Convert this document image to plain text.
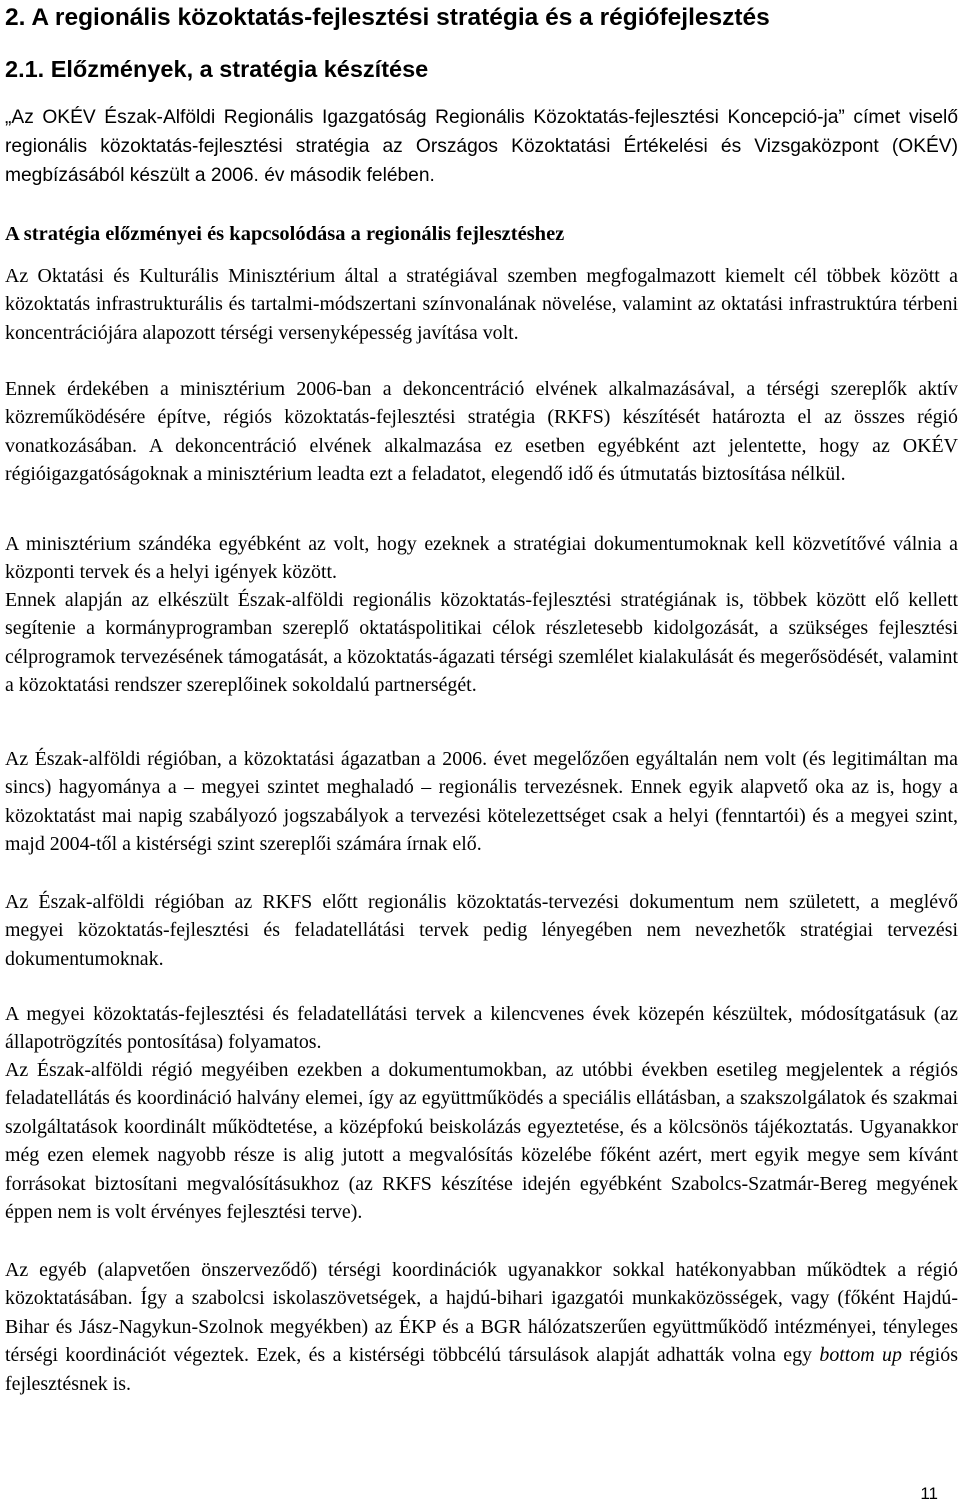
2. A regionális közoktatás-fejlesztési stratégia és a régiófejlesztés
2.1. Előzmények, a stratégia készítése

„Az OKÉV Észak-Alföldi Regionális Igazgatóság Regionális Közoktatás-fejlesztési Koncepció-ja” címet viselő regionális közoktatás-fejlesztési stratégia az Országos Közoktatási Értékelési és Vizsgaközpont (OKÉV) megbízásából készült a 2006. év második felében.

A stratégia előzményei és kapcsolódása a regionális fejlesztéshez

Az Oktatási és Kulturális Minisztérium által a stratégiával szemben megfogalmazott kiemelt cél többek között a közoktatás infrastrukturális és tartalmi-módszertani színvonalának növelése, valamint az oktatási infrastruktúra térbeni koncentrációjára alapozott térségi versenyképesség javítása volt.

Ennek érdekében a minisztérium 2006-ban a dekoncentráció elvének alkalmazásával, a térségi szereplők aktív közreműködésére építve, régiós közoktatás-fejlesztési stratégia (RKFS) készítését határozta el az összes régió vonatkozásában. A dekoncentráció elvének alkalmazása ez esetben egyébként azt jelentette, hogy az OKÉV régióigazgatóságoknak a minisztérium leadta ezt a feladatot, elegendő idő és útmutatás biztosítása nélkül.

A minisztérium szándéka egyébként az volt, hogy ezeknek a stratégiai dokumentumoknak kell közvetítővé válnia a központi tervek és a helyi igények között.

Ennek alapján az elkészült Észak-alföldi regionális közoktatás-fejlesztési stratégiának is, többek között elő kellett segítenie a kormányprogramban szereplő oktatáspolitikai célok részletesebb kidolgozását, a szükséges fejlesztési célprogramok tervezésének támogatását, a közoktatás-ágazati térségi szemlélet kialakulását és megerősödését, valamint a közoktatási rendszer szereplőinek sokoldalú partnerségét.

Az Észak-alföldi régióban, a közoktatási ágazatban a 2006. évet megelőzően egyáltalán nem volt (és legitimáltan ma sincs) hagyománya a – megyei szintet meghaladó – regionális tervezésnek. Ennek egyik alapvető oka az is, hogy a közoktatást mai napig szabályozó jogszabályok a tervezési kötelezettséget csak a helyi (fenntartói) és a megyei szint, majd 2004-től a kistérségi szint szereplői számára írnak elő.

Az Észak-alföldi régióban az RKFS előtt regionális közoktatás-tervezési dokumentum nem született, a meglévő megyei közoktatás-fejlesztési és feladatellátási tervek pedig lényegében nem nevezhetők stratégiai tervezési dokumentumoknak.

A megyei közoktatás-fejlesztési és feladatellátási tervek a kilencvenes évek közepén készültek, módosítgatásuk (az állapotrögzítés pontosítása) folyamatos.

Az Észak-alföldi régió megyéiben ezekben a dokumentumokban, az utóbbi években esetileg megjelentek a régiós feladatellátás és koordináció halvány elemei, így az együttműködés a speciális ellátásban, a szakszolgálatok és szakmai szolgáltatások koordinált működtetése, a középfokú beiskolázás egyeztetése, és a kölcsönös tájékoztatás. Ugyanakkor még ezen elemek nagyobb része is alig jutott a megvalósítás közelébe főként azért, mert egyik megye sem kívánt forrásokat biztosítani megvalósításukhoz (az RKFS készítése idején egyébként Szabolcs-Szatmár-Bereg megyének éppen nem is volt érvényes fejlesztési terve).

Az egyéb (alapvetően önszerveződő) térségi koordinációk ugyanakkor sokkal hatékonyabban működtek a régió közoktatásában. Így a szabolcsi iskolaszövetségek, a hajdú-bihari igazgatói munkaközösségek, vagy (főként Hajdú-Bihar és Jász-Nagykun-Szolnok megyékben) az ÉKP és a BGR hálózatszerűen együttműködő intézményei, tényleges térségi koordinációt végeztek. Ezek, és a kistérségi többcélú társulások alapját adhatták volna egy bottom up régiós fejlesztésnek is.

11
